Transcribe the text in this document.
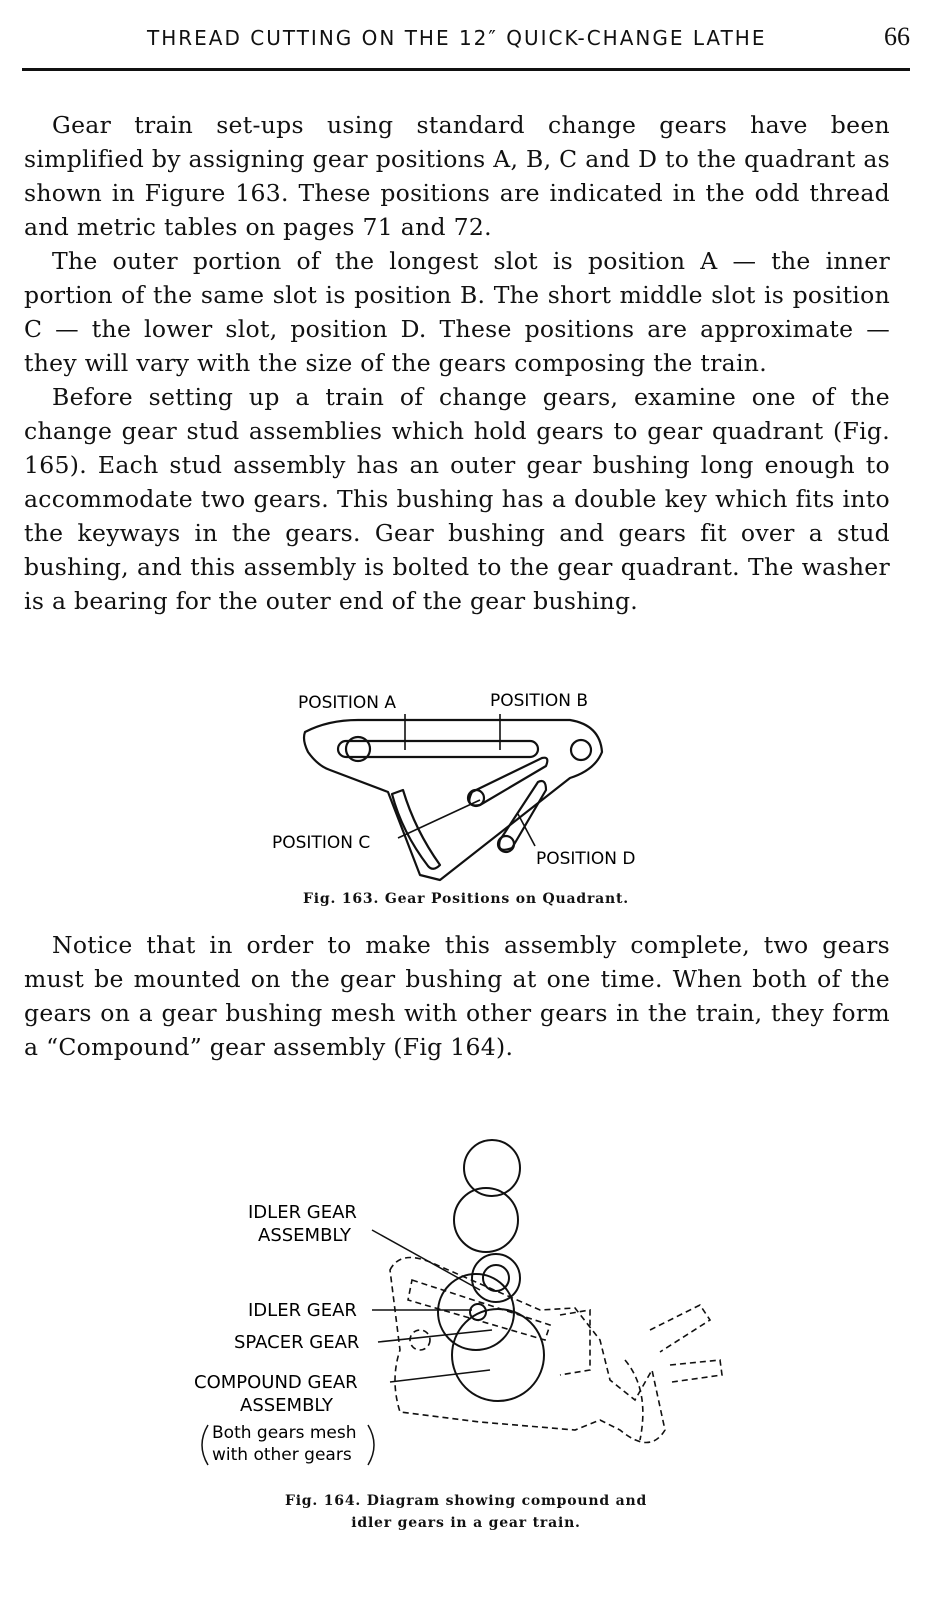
THREAD CUTTING ON THE 12″ QUICK-CHANGE LATHE	66

Gear train set-ups using standard change gears have been simplified by assigning gear positions A, B, C and D to the quadrant as shown in Figure 163. These positions are indicated in the odd thread and metric tables on pages 71 and 72.

The outer portion of the longest slot is position A — the inner portion of the same slot is position B. The short middle slot is position C — the lower slot, position D. These positions are approximate — they will vary with the size of the gears composing the train.

Before setting up a train of change gears, examine one of the change gear stud assemblies which hold gears to gear quadrant (Fig. 165). Each stud assembly has an outer gear bushing long enough to accommodate two gears. This bushing has a double key which fits into the keyways in the gears. Gear bushing and gears fit over a stud bushing, and this assembly is bolted to the gear quadrant. The washer is a bearing for the outer end of the gear bushing.

POSITION A	POSITION B
POSITION C
POSITION D
Fig. 163. Gear Positions on Quadrant.

Notice that in order to make this assembly complete, two gears must be mounted on the gear bushing at one time. When both of the gears on a gear bushing mesh with other gears in the train, they form a “Compound” gear assembly (Fig 164).

IDLER GEAR
ASSEMBLY
IDLER GEAR
SPACER GEAR
COMPOUND GEAR
ASSEMBLY
Both gears mesh
with other gears
Fig. 164. Diagram showing compound and
idler gears in a gear train.
